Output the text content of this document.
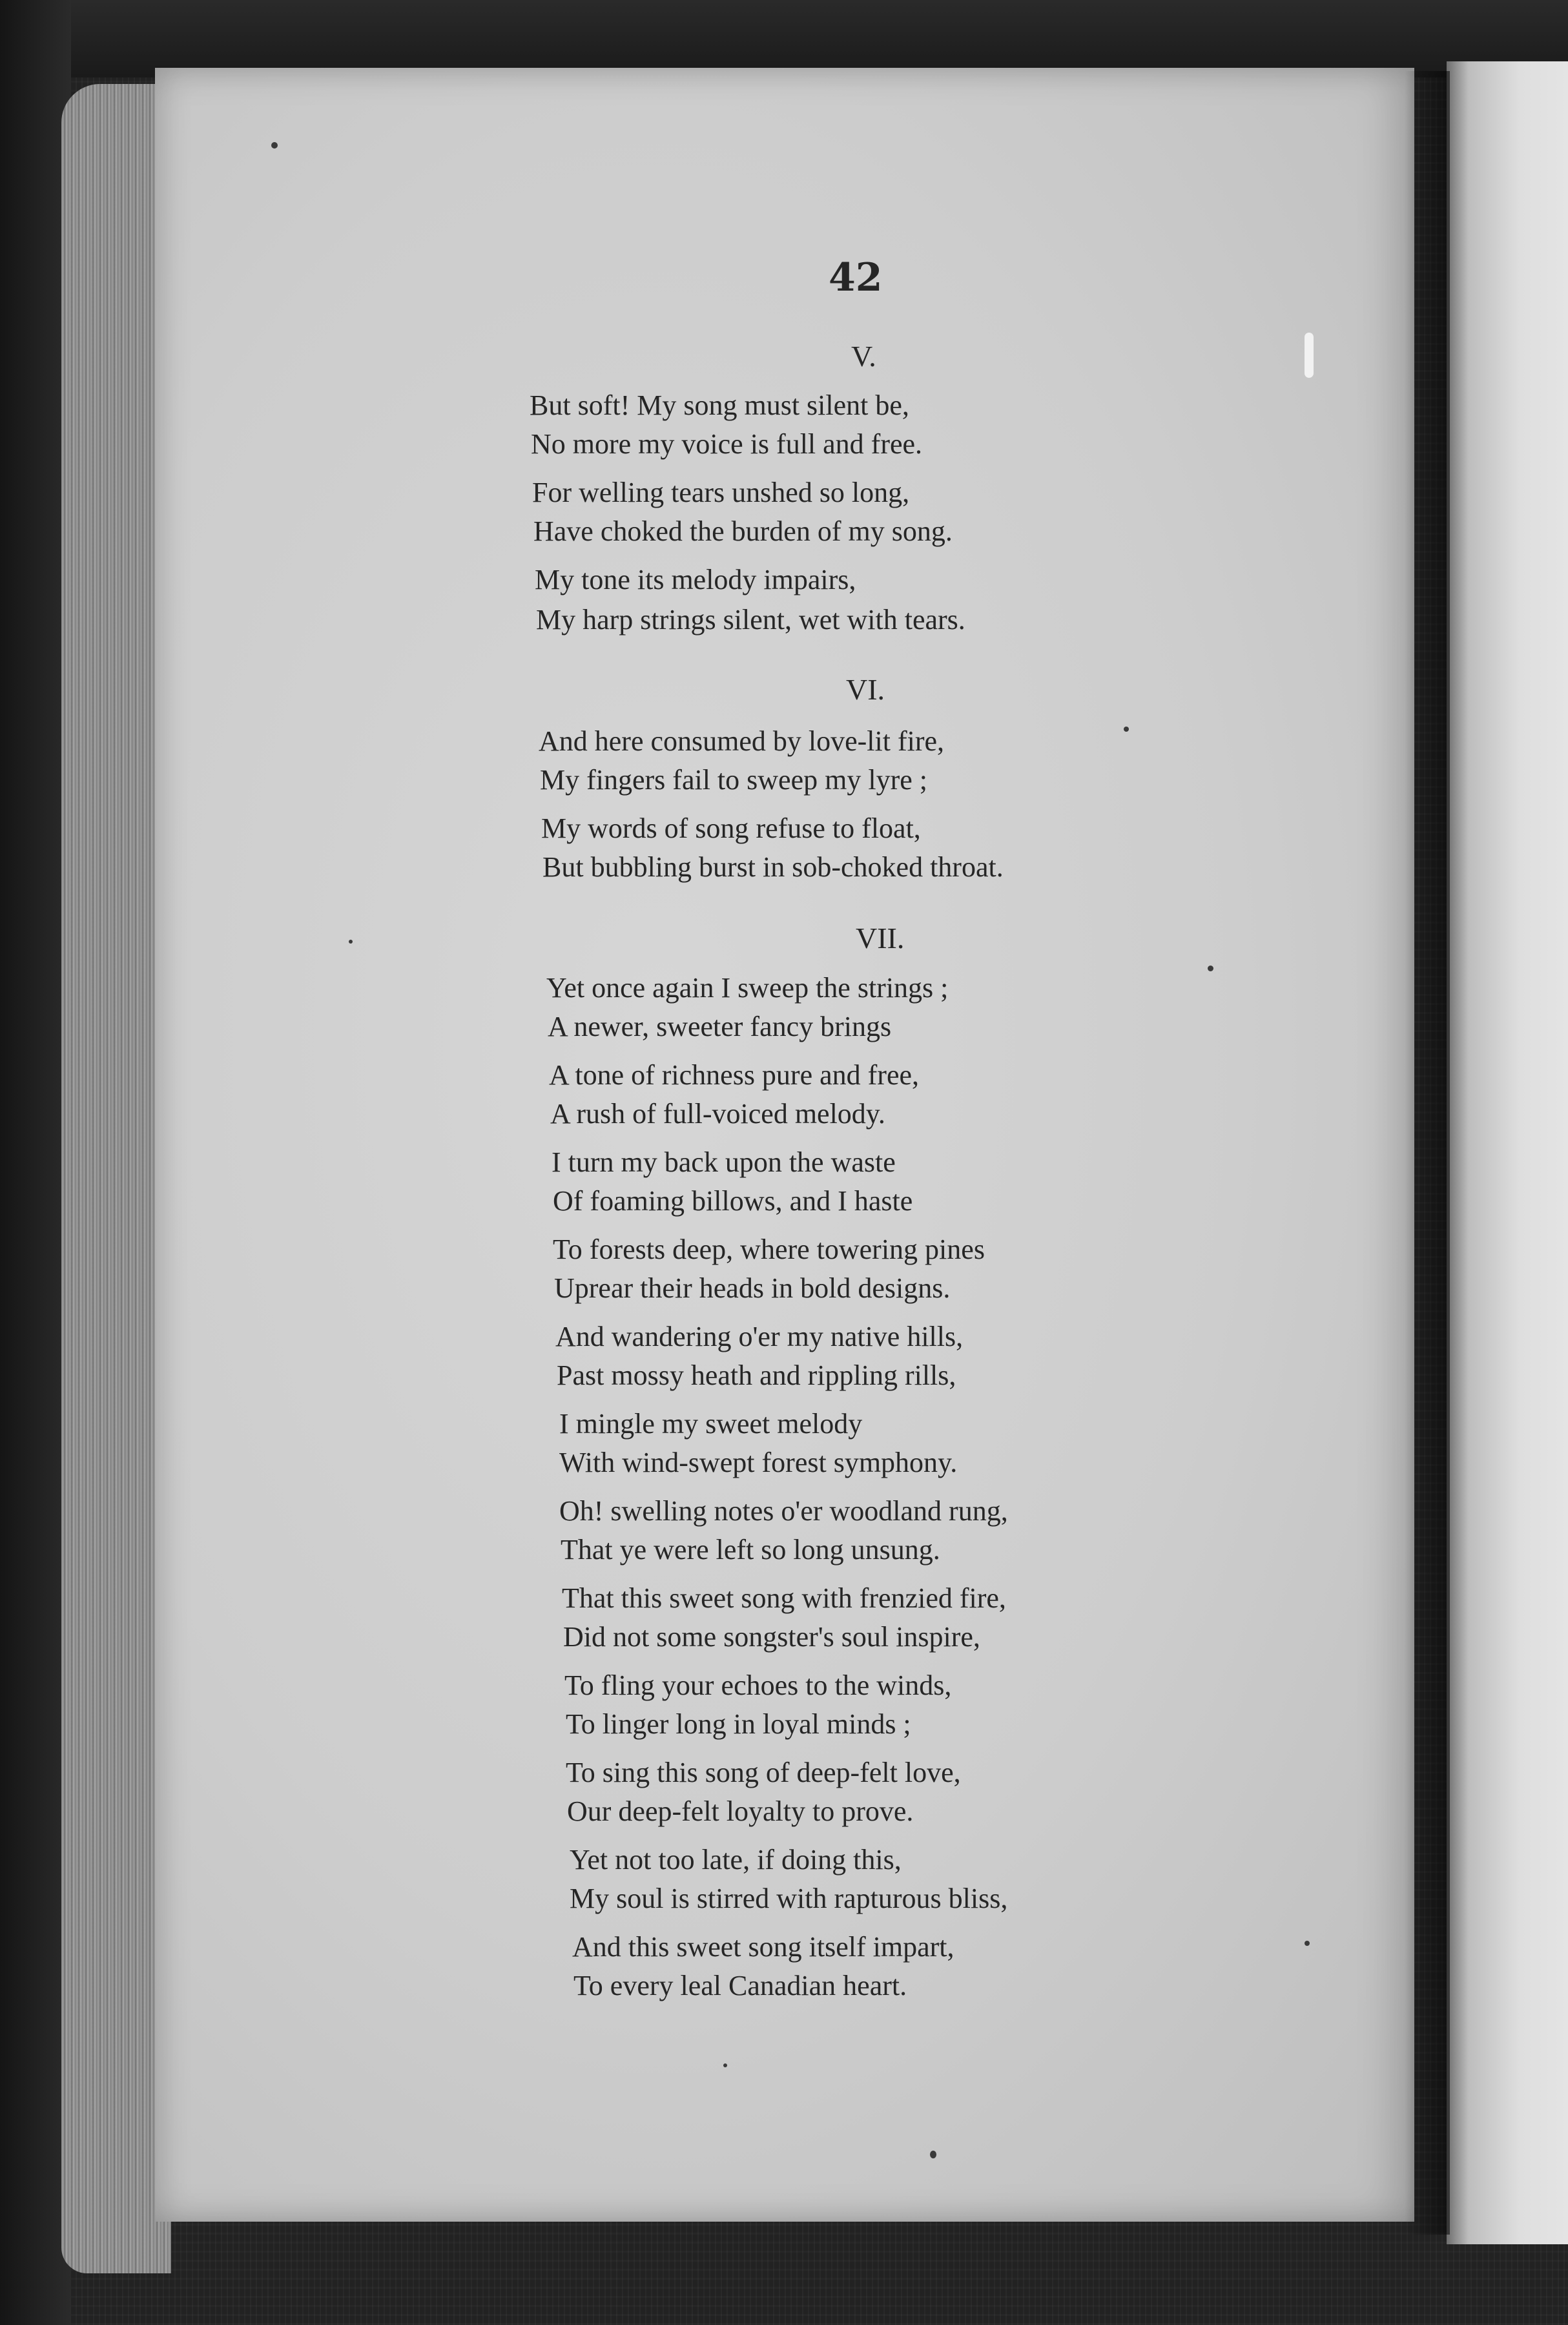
42
V.
But soft! My song must silent be,
No more my voice is full and free.
For welling tears unshed so long,
Have choked the burden of my song.
My tone its melody impairs,
My harp strings silent, wet with tears.
VI.
And here consumed by love-lit fire,
My fingers fail to sweep my lyre ;
My words of song refuse to float,
But bubbling burst in sob-choked throat.
VII.
Yet once again I sweep the strings ;
A newer, sweeter fancy brings
A tone of richness pure and free,
A rush of full-voiced melody.
I turn my back upon the waste
Of foaming billows, and I haste
To forests deep, where towering pines
Uprear their heads in bold designs.
And wandering o'er my native hills,
Past mossy heath and rippling rills,
I mingle my sweet melody
With wind-swept forest symphony.
Oh! swelling notes o'er woodland rung,
That ye were left so long unsung.
That this sweet song with frenzied fire,
Did not some songster's soul inspire,
To fling your echoes to the winds,
To linger long in loyal minds ;
To sing this song of deep-felt love,
Our deep-felt loyalty to prove.
Yet not too late, if doing this,
My soul is stirred with rapturous bliss,
And this sweet song itself impart,
To every leal Canadian heart.
